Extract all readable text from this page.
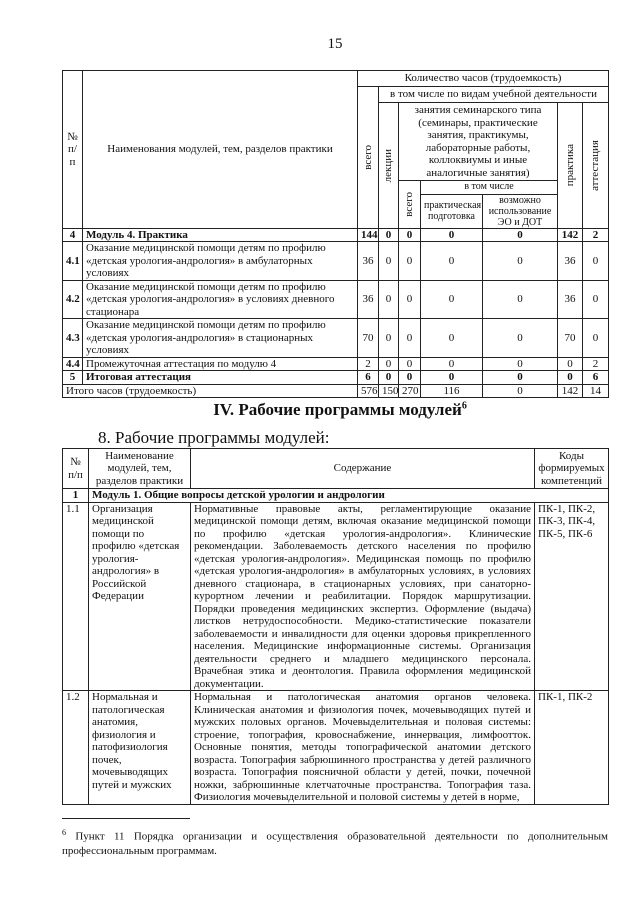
15
№ п/п	Наименования модулей, тем, разделов практики	Количество часов (трудоемкость)						

		всего	в том числе по видам учебной деятельности					

			лекции	занятия семинарского типа (семинары, практические занятия, практикумы, лабораторные работы, коллоквиумы и иные аналогичные занятия)			практика	аттестация

				всего	в том числе			
					практическая подготовка	возможно использование ЭО и ДОТ		
4	Модуль 4. Практика	144	0	0	0	0	142	2
4.1	Оказание медицинской помощи детям по профилю «детская урология-андрология» в амбулаторных условиях	36	0	0	0	0	36	0
4.2	Оказание медицинской помощи детям по профилю «детская урология-андрология» в условиях дневного стационара	36	0	0	0	0	36	0
4.3	Оказание медицинской помощи детям по профилю «детская урология-андрология» в стационарных условиях	70	0	0	0	0	70	0
4.4	Промежуточная аттестация по модулю 4	2	0	0	0	0	0	2
5	Итоговая аттестация	6	0	0	0	0	0	6
Итого часов (трудоемкость)		576	150	270	116	0	142	14
IV. Рабочие программы модулей$^6$
8. Рабочие программы модулей:
№ п/п	Наименование модулей, тем, разделов практики	Содержание	Коды формируемых компетенций
1	Модуль 1. Общие вопросы детской урологии и андрологии		
1.1	Организация медицинской помощи по профилю «детская урология-андрология» в Российской Федерации	Нормативные правовые акты, регламентирующие оказание медицинской помощи детям, включая оказание медицинской помощи по профилю «детская урология-андрология». Клинические рекомендации. Заболеваемость детского населения по профилю «детская урология-андрология». Медицинская помощь по профилю «детская урология-андрология» в амбулаторных условиях, в условиях дневного стационара, в стационарных условиях, при санаторно-курортном лечении и реабилитации. Порядок маршрутизации. Порядки проведения медицинских экспертиз. Оформление (выдача) листков нетрудоспособности. Медико-статистические показатели заболеваемости и инвалидности для оценки здоровья прикрепленного населения. Медицинские информационные системы. Организация деятельности среднего и младшего медицинского персонала. Врачебная этика и деонтология. Правила оформления медицинской документации.	ПК-1, ПК-2, ПК-3, ПК-4, ПК-5, ПК-6
1.2	Нормальная и патологическая анатомия, физиология и патофизиология почек, мочевыводящих путей и мужских	Нормальная и патологическая анатомия органов человека. Клиническая анатомия и физиология почек, мочевыводящих путей и мужских половых органов. Мочевыделительная и половая системы: строение, топография, кровоснабжение, иннервация, лимфоотток. Основные понятия, методы топографической анатомии детского возраста. Топография забрюшинного пространства у детей различного возраста. Топография поясничной области у детей, почки, почечной ножки, забрюшинные клетчаточные пространства. Топография таза. Физиология мочевыделительной и половой системы у детей в норме,	ПК-1, ПК-2
$^6$ Пункт 11 Порядка организации и осуществления образовательной деятельности по дополнительным профессиональным программам.
